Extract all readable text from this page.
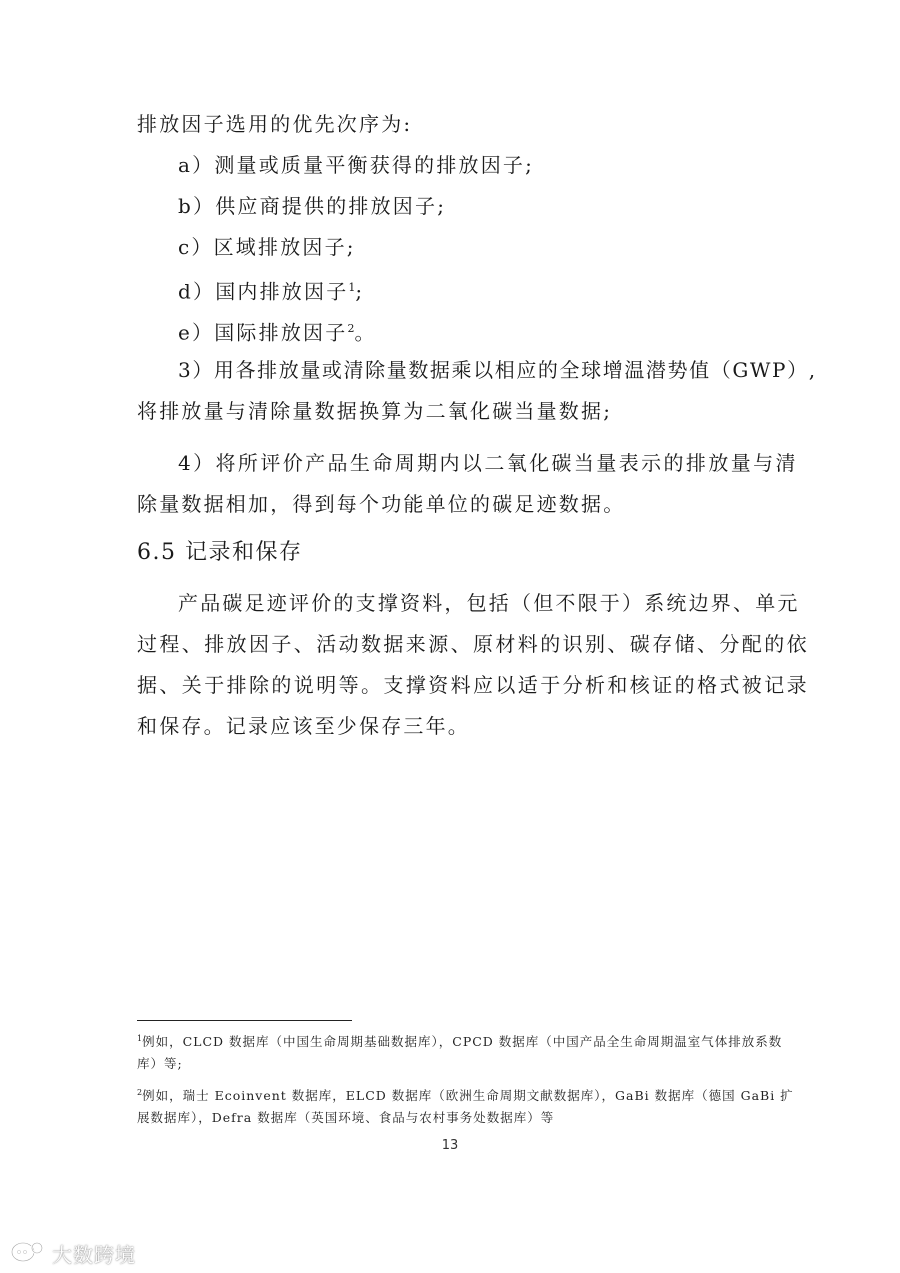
排放因子选用的优先次序为:
a）测量或质量平衡获得的排放因子;
b）供应商提供的排放因子;
c）区域排放因子;
d）国内排放因子$^1$;
e）国际排放因子$^2$。
3）用各排放量或清除量数据乘以相应的全球增温潜势值（GWP）,
将排放量与清除量数据换算为二氧化碳当量数据;
4）将所评价产品生命周期内以二氧化碳当量表示的排放量与清
除量数据相加，得到每个功能单位的碳足迹数据。
6.5 记录和保存
产品碳足迹评价的支撑资料，包括（但不限于）系统边界、单元
过程、排放因子、活动数据来源、原材料的识别、碳存储、分配的依
据、关于排除的说明等。支撑资料应以适于分析和核证的格式被记录
和保存。记录应该至少保存三年。
$^1$例如，CLCD 数据库（中国生命周期基础数据库），CPCD 数据库（中国产品全生命周期温室气体排放系数
库）等;
$^2$例如，瑞士 Ecoinvent 数据库，ELCD 数据库（欧洲生命周期文献数据库），GaBi 数据库（德国 GaBi 扩
展数据库），Defra 数据库（英国环境、食品与农村事务处数据库）等
13
大数跨境
